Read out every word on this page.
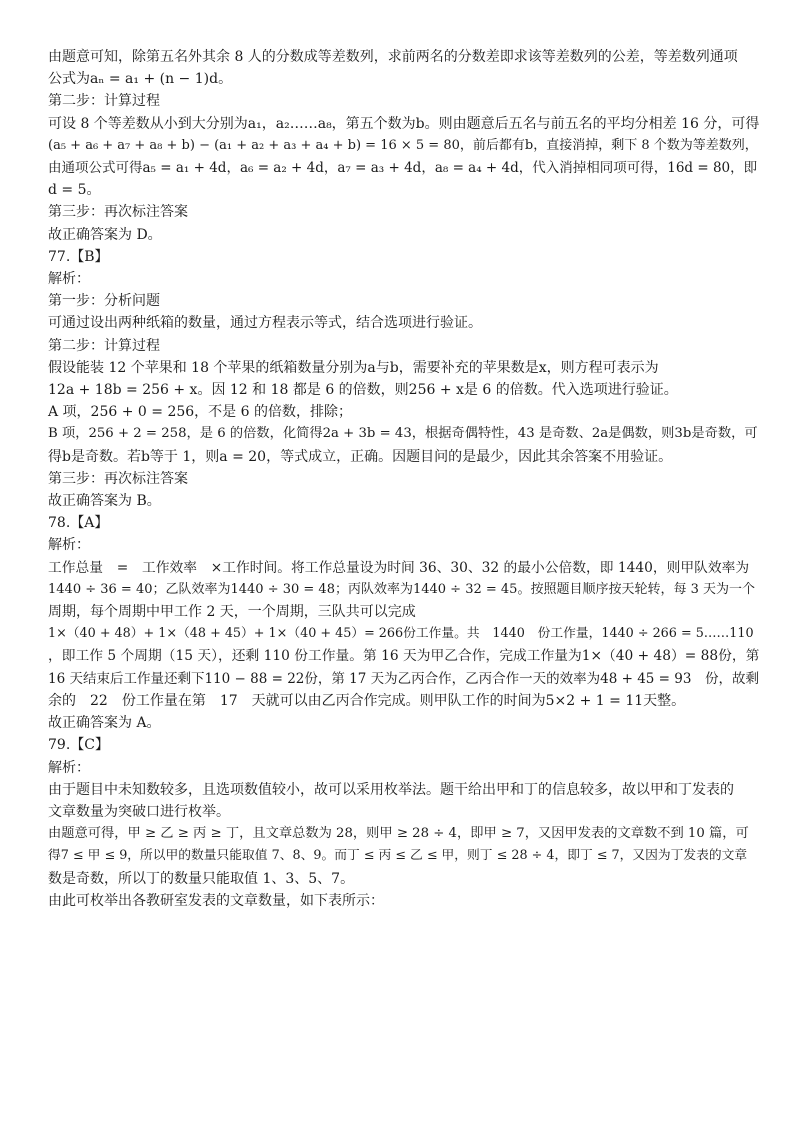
由题意可知，除第五名外其余 8 人的分数成等差数列，求前两名的分数差即求该等差数列的公差，等差数列通项

公式为aₙ = a₁ + (n − 1)d。

第二步：计算过程

可设 8 个等差数从小到大分别为a₁，a₂……a₈，第五个数为b。则由题意后五名与前五名的平均分相差 16 分，可得

(a₅ + a₆ + a₇ + a₈ + b) − (a₁ + a₂ + a₃ + a₄ + b) = 16 × 5 = 80，前后都有b，直接消掉，剩下 8 个数为等差数列，

由通项公式可得a₅ = a₁ + 4d，a₆ = a₂ + 4d，a₇ = a₃ + 4d，a₈ = a₄ + 4d，代入消掉相同项可得，16d = 80，即

d = 5。

第三步：再次标注答案

故正确答案为 D。

77.【B】

解析：

第一步：分析问题

可通过设出两种纸箱的数量，通过方程表示等式，结合选项进行验证。

第二步：计算过程

假设能装 12 个苹果和 18 个苹果的纸箱数量分别为a与b，需要补充的苹果数是x，则方程可表示为

12a + 18b = 256 + x。因 12 和 18 都是 6 的倍数，则256 + x是 6 的倍数。代入选项进行验证。

A 项，256 + 0 = 256，不是 6 的倍数，排除；

B 项，256 + 2 = 258，是 6 的倍数，化简得2a + 3b = 43，根据奇偶特性，43 是奇数、2a是偶数，则3b是奇数，可

得b是奇数。若b等于 1，则a = 20，等式成立，正确。因题目问的是最少，因此其余答案不用验证。

第三步：再次标注答案

故正确答案为 B。

78.【A】

解析：

工作总量　=　工作效率　×工作时间。将工作总量设为时间 36、30、32 的最小公倍数，即 1440，则甲队效率为

1440 ÷ 36 = 40；乙队效率为1440 ÷ 30 = 48；丙队效率为1440 ÷ 32 = 45。按照题目顺序按天轮转，每 3 天为一个

周期，每个周期中甲工作 2 天，一个周期，三队共可以完成

1×（40 + 48）+ 1×（48 + 45）+ 1×（40 + 45）= 266份工作量。共　1440　份工作量，1440 ÷ 266 = 5……110

，即工作 5 个周期（15 天），还剩 110 份工作量。第 16 天为甲乙合作，完成工作量为1×（40 + 48）= 88份，第

16 天结束后工作量还剩下110 − 88 = 22份，第 17 天为乙丙合作，乙丙合作一天的效率为48 + 45 = 93　份，故剩

余的　22　份工作量在第　17　天就可以由乙丙合作完成。则甲队工作的时间为5×2 + 1 = 11天整。

故正确答案为 A。

79.【C】

解析：

由于题目中未知数较多，且选项数值较小，故可以采用枚举法。题干给出甲和丁的信息较多，故以甲和丁发表的

文章数量为突破口进行枚举。

由题意可得，甲 ≥ 乙 ≥ 丙 ≥ 丁，且文章总数为 28，则甲 ≥ 28 ÷ 4，即甲 ≥ 7，又因甲发表的文章数不到 10 篇，可

得7 ≤ 甲 ≤ 9，所以甲的数量只能取值 7、8、9。而丁 ≤ 丙 ≤ 乙 ≤ 甲，则丁 ≤ 28 ÷ 4，即丁 ≤ 7，又因为丁发表的文章

数是奇数，所以丁的数量只能取值 1、3、5、7。

由此可枚举出各教研室发表的文章数量，如下表所示：
